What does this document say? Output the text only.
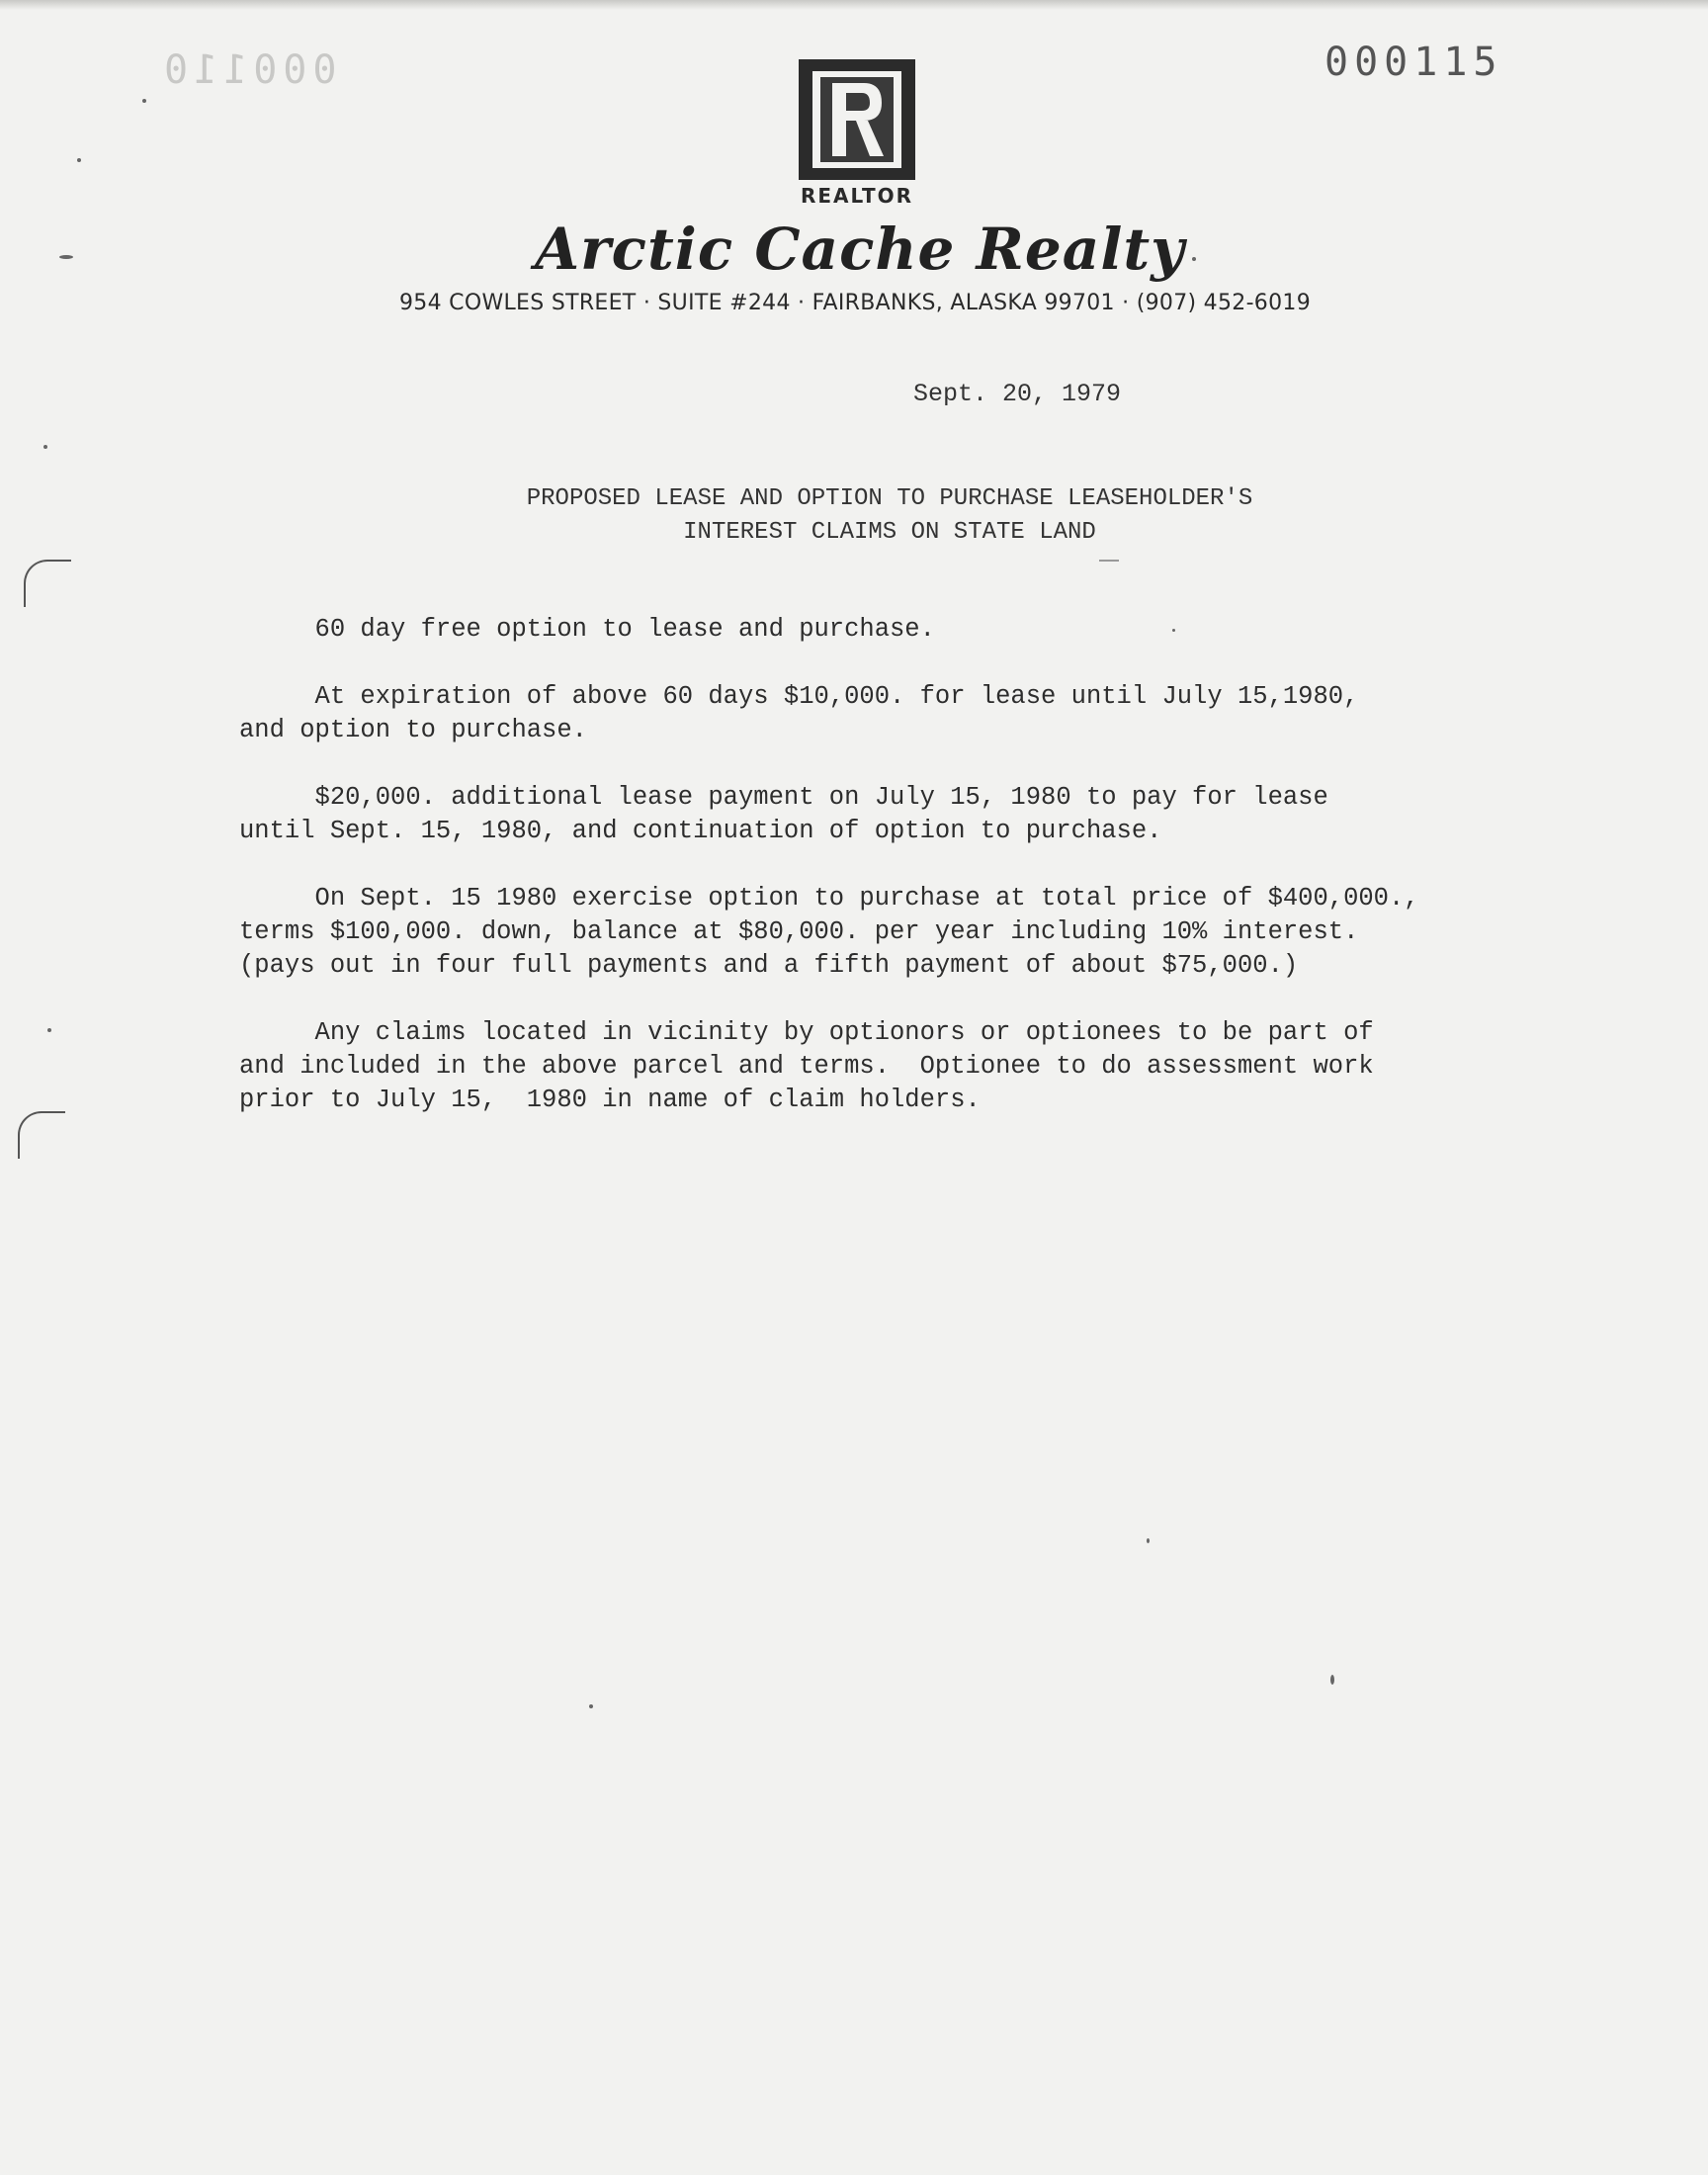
000110	000115
REALTOR
Arctic Cache Realty
954 COWLES STREET · SUITE #244 · FAIRBANKS, ALASKA 99701 · (907) 452-6019
Sept. 20, 1979
PROPOSED LEASE AND OPTION TO PURCHASE LEASEHOLDER'S
INTEREST CLAIMS ON STATE LAND

60 day free option to lease and purchase.

At expiration of above 60 days $10,000. for lease until July 15,1980,
and option to purchase.

$20,000. additional lease payment on July 15, 1980 to pay for lease
until Sept. 15, 1980, and continuation of option to purchase.

On Sept. 15 1980 exercise option to purchase at total price of $400,000.,
terms $100,000. down, balance at $80,000. per year including 10% interest.
(pays out in four full payments and a fifth payment of about $75,000.)

Any claims located in vicinity by optionors or optionees to be part of
and included in the above parcel and terms.  Optionee to do assessment work
prior to July 15,  1980 in name of claim holders.
